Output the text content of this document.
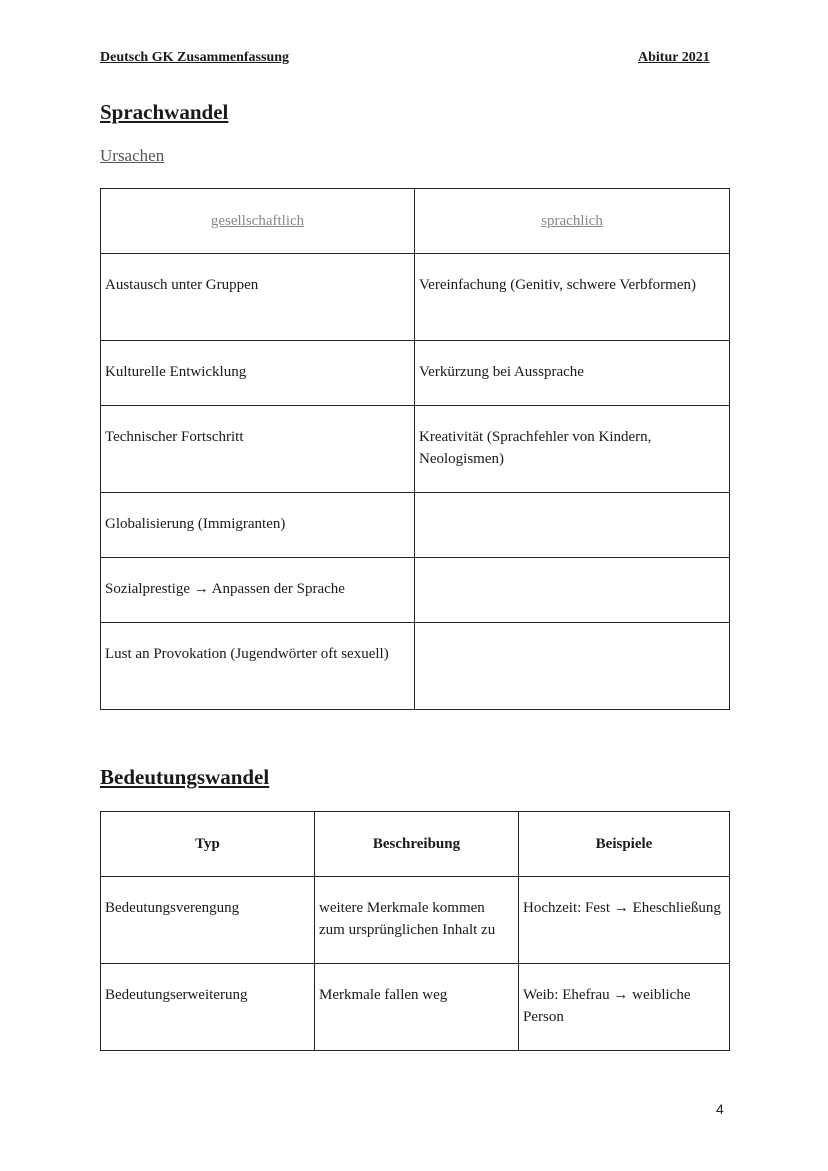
Deutsch GK Zusammenfassung	Abitur 2021
Sprachwandel
Ursachen
gesellschaftlich	sprachlich
Austausch unter Gruppen	Vereinfachung (Genitiv, schwere Verbformen)
Kulturelle Entwicklung	Verkürzung bei Aussprache
Technischer Fortschritt	Kreativität (Sprachfehler von Kindern, Neologismen)
Globalisierung (Immigranten)	
Sozialprestige → Anpassen der Sprache	
Lust an Provokation (Jugendwörter oft sexuell)	
Bedeutungswandel
Typ	Beschreibung	Beispiele
Bedeutungsverengung	weitere Merkmale kommen zum ursprünglichen Inhalt zu	Hochzeit: Fest → Eheschließung
Bedeutungserweiterung	Merkmale fallen weg	Weib: Ehefrau → weibliche Person
4
